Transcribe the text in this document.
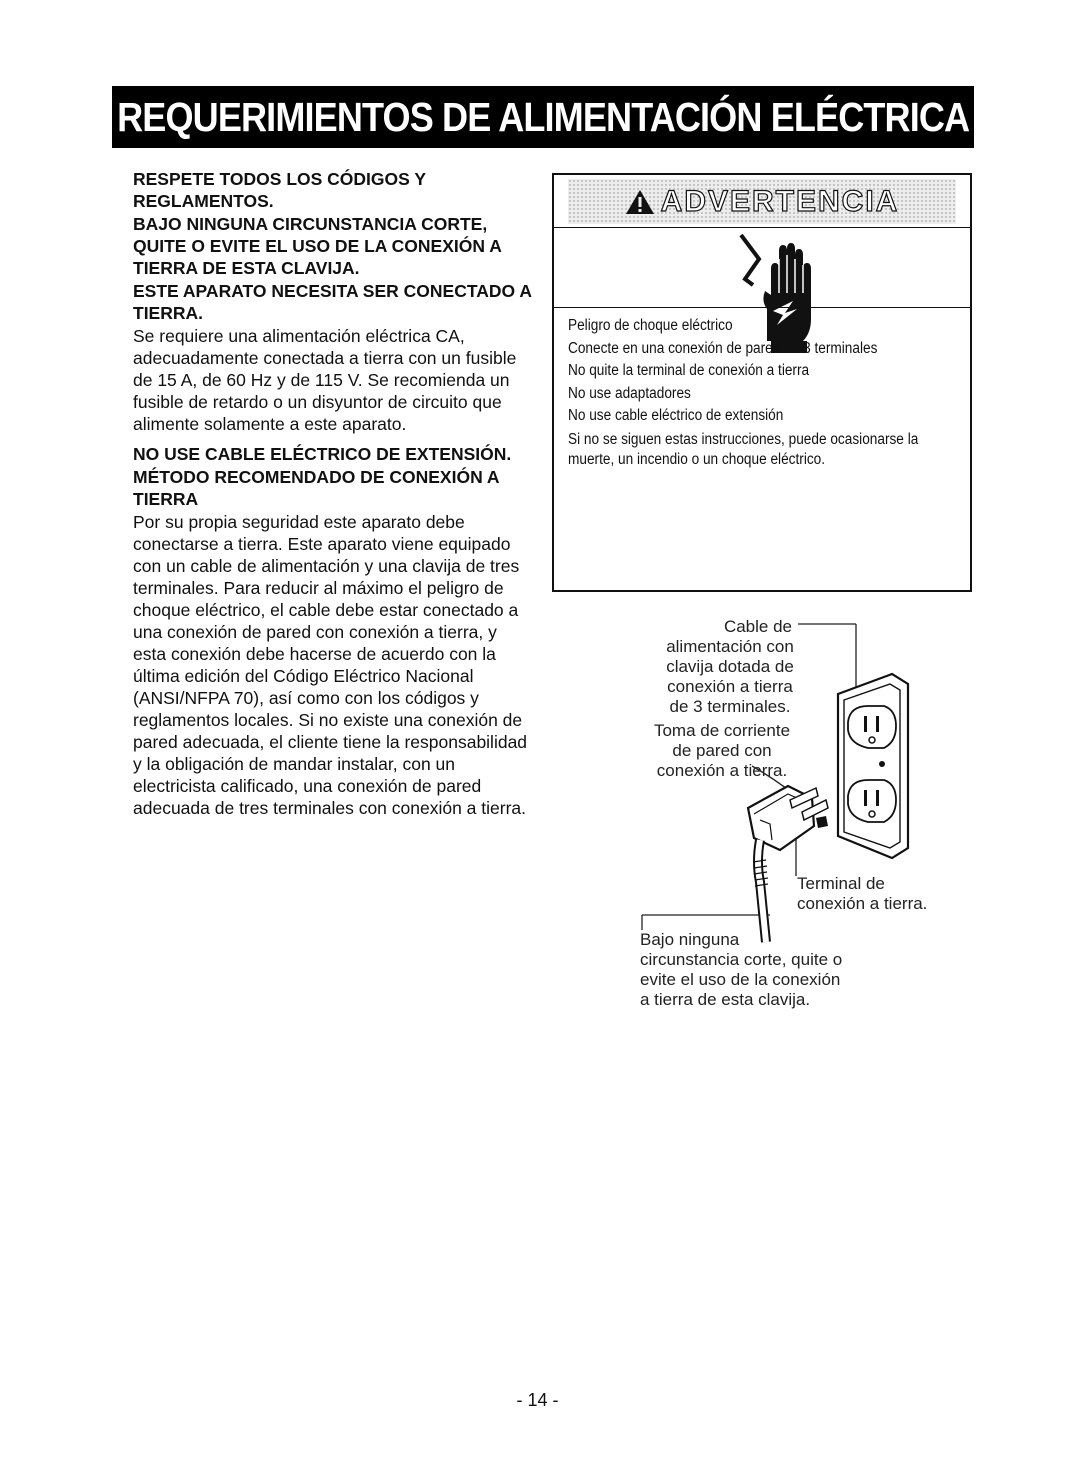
REQUERIMIENTOS DE ALIMENTACIÓN ELÉCTRICA

RESPETE TODOS LOS CÓDIGOS Y REGLAMENTOS.

BAJO NINGUNA CIRCUNSTANCIA CORTE, QUITE O EVITE EL USO DE LA CONEXIÓN A TIERRA DE ESTA CLAVIJA.

ESTE APARATO NECESITA SER CONECTADO A TIERRA.

Se requiere una alimentación eléctrica CA, adecuadamente conectada a tierra con un fusible de 15 A, de 60 Hz y de 115 V. Se recomienda un fusible de retardo o un disyuntor de circuito que alimente solamente a este aparato.

NO USE CABLE ELÉCTRICO DE EXTENSIÓN.

MÉTODO RECOMENDADO DE CONEXIÓN A TIERRA

Por su propia seguridad este aparato debe conectarse a tierra. Este aparato viene equipado con un cable de alimentación y una clavija de tres terminales. Para reducir al máximo el peligro de choque eléctrico, el cable debe estar conectado a una conexión de pared con conexión a tierra, y esta conexión debe hacerse de acuerdo con la última edición del Código Eléctrico Nacional (ANSI/NFPA 70), así como con los códigos y reglamentos locales. Si no existe una conexión de pared adecuada, el cliente tiene la responsabilidad y la obligación de mandar instalar, con un electricista calificado, una conexión de pared adecuada de tres terminales con conexión a tierra.

ADVERTENCIA
Peligro de choque eléctrico
Conecte en una conexión de pared de 3 terminales
No quite la terminal de conexión a tierra
No use adaptadores
No use cable eléctrico de extensión
Si no se siguen estas instrucciones, puede ocasionarse la muerte, un incendio o un choque eléctrico.
Cable de
alimentación con
clavija dotada de
conexión a tierra
de 3 terminales.
Toma de corriente
de pared con
conexión a tierra.
Terminal de
conexión a tierra.
Bajo ninguna
circunstancia corte, quite o
evite el uso de la conexión
a tierra de esta clavija.
- 14 -
